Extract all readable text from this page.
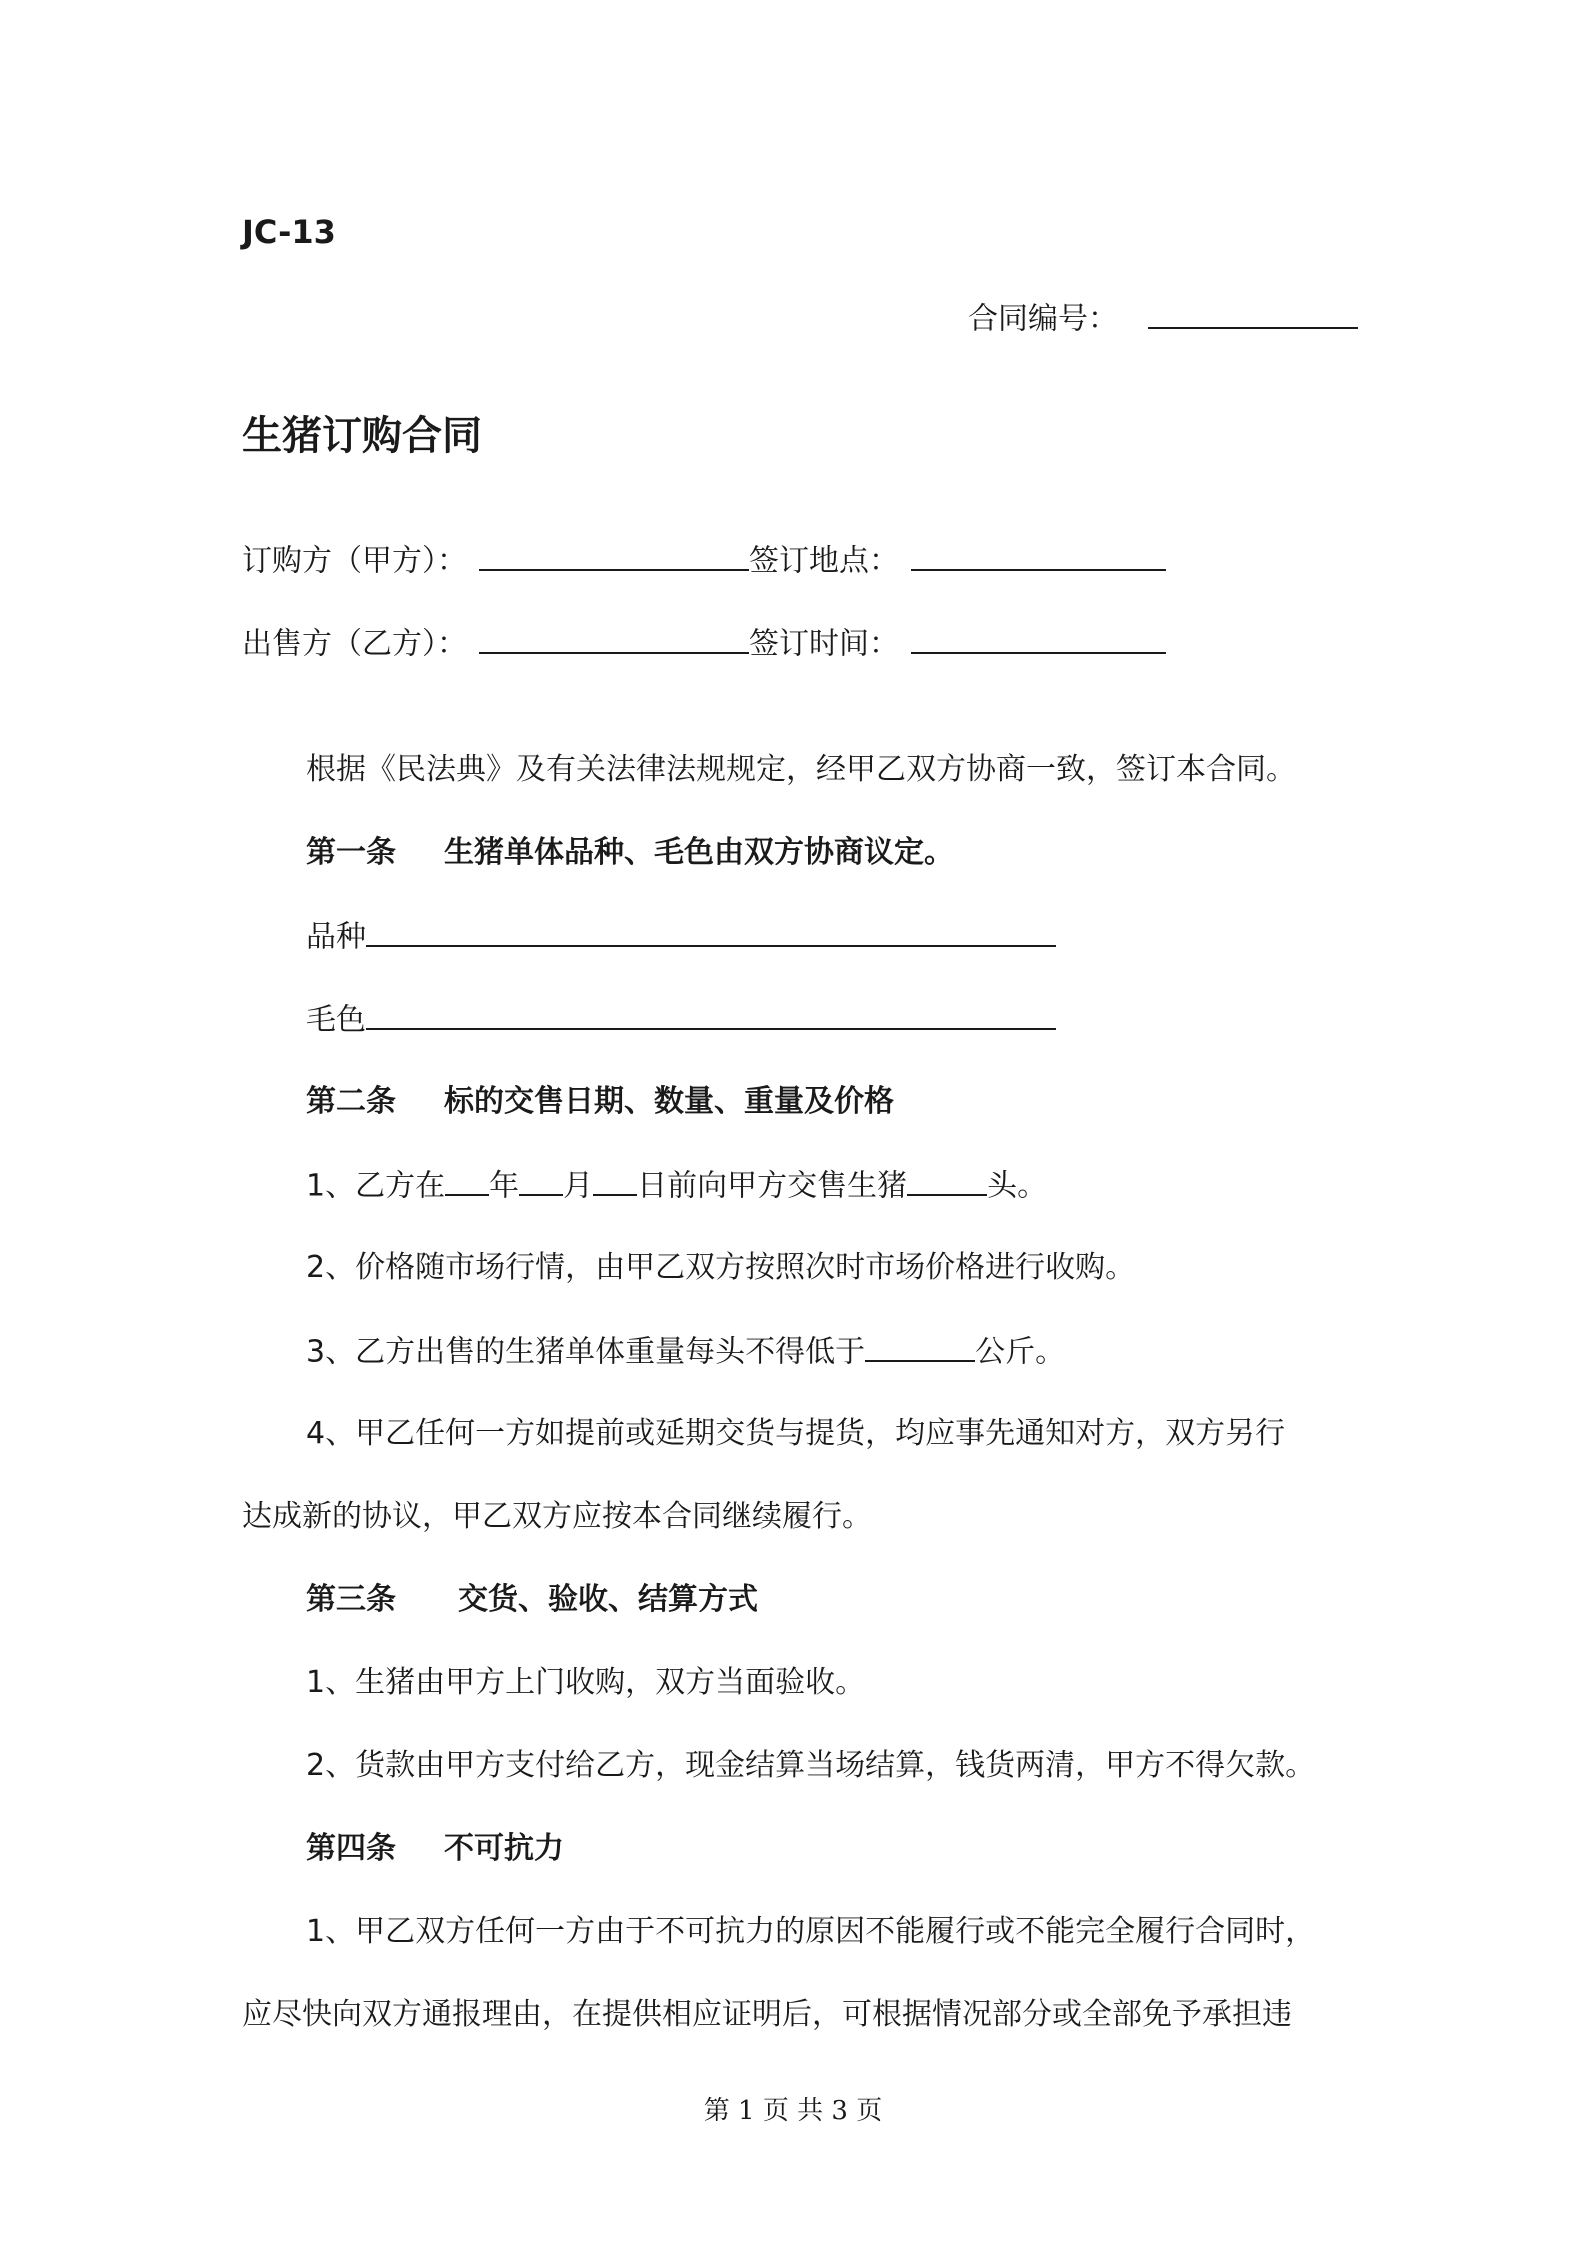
JC-13
合同编号：
生猪订购合同
订购方（甲方）：	签订地点：
出售方（乙方）：	签订时间：
根据《民法典》及有关法律法规规定，经甲乙双方协商一致，签订本合同。
第一条 生猪单体品种、毛色由双方协商议定。
品种
毛色
第二条 标的交售日期、数量、重量及价格
1、乙方在 年 月 日前向甲方交售生猪	头。
2、价格随市场行情，由甲乙双方按照次时市场价格进行收购。
3、乙方出售的生猪单体重量每头不得低于	公斤。
4、甲乙任何一方如提前或延期交货与提货，均应事先通知对方，双方另行
达成新的协议，甲乙双方应按本合同继续履行。
第三条 交货、验收、结算方式
1、生猪由甲方上门收购，双方当面验收。
2、货款由甲方支付给乙方，现金结算当场结算，钱货两清，甲方不得欠款。
第四条 不可抗力
1、甲乙双方任何一方由于不可抗力的原因不能履行或不能完全履行合同时，
应尽快向双方通报理由，在提供相应证明后，可根据情况部分或全部免予承担违
第 1 页 共 3 页
